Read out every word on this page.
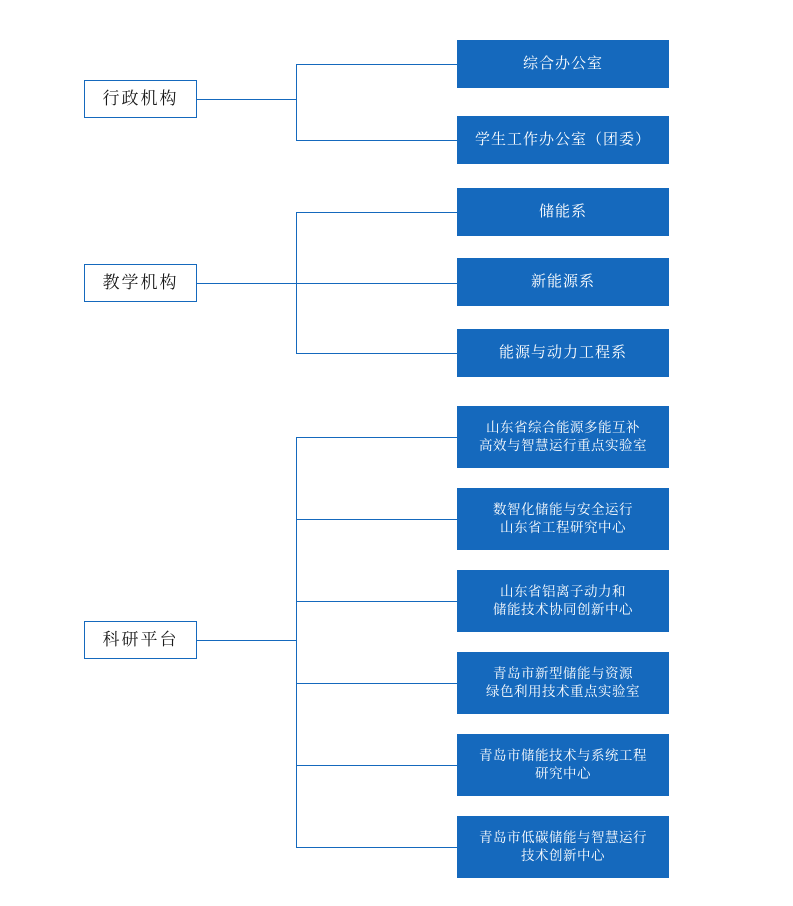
行政机构
综合办公室
学生工作办公室（团委）
教学机构
储能系
新能源系
能源与动力工程系
科研平台
山东省综合能源多能互补
高效与智慧运行重点实验室
数智化储能与安全运行
山东省工程研究中心
山东省铝离子动力和
储能技术协同创新中心
青岛市新型储能与资源
绿色利用技术重点实验室
青岛市储能技术与系统工程
研究中心
青岛市低碳储能与智慧运行
技术创新中心
